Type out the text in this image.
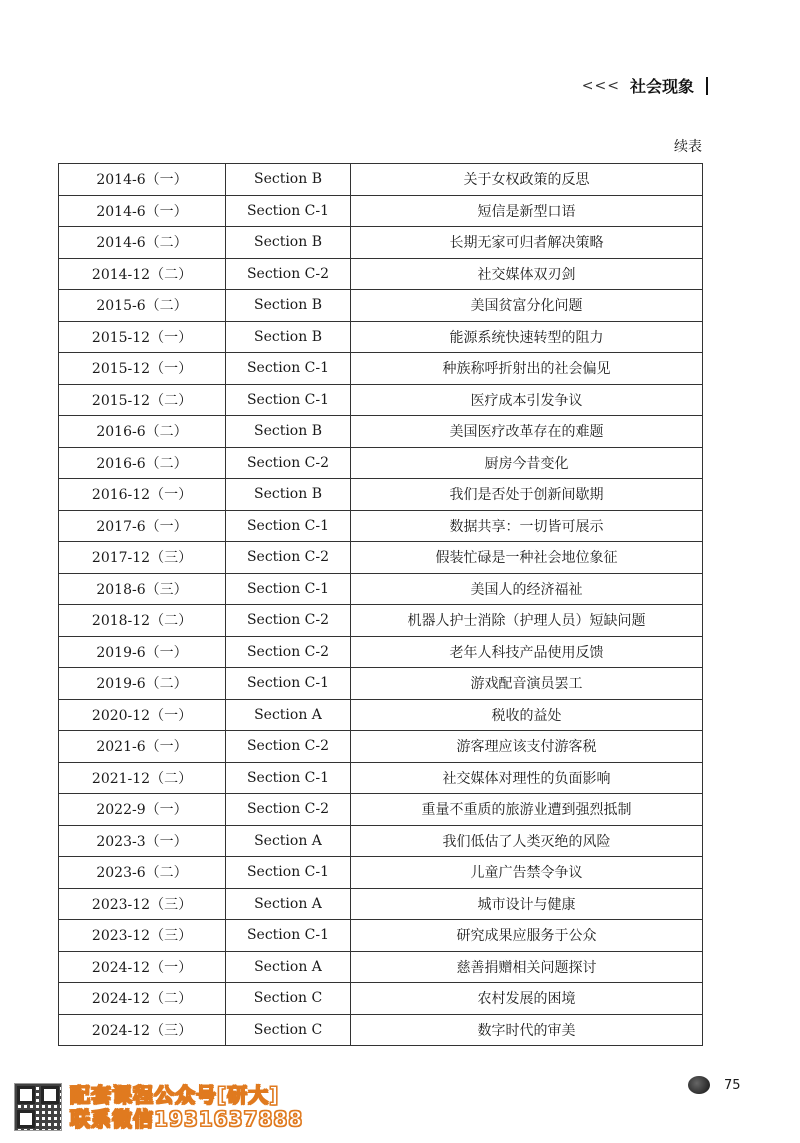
<<< 社会现象
续表
2014-6（一）	Section B	关于女权政策的反思
2014-6（一）	Section C-1	短信是新型口语
2014-6（二）	Section B	长期无家可归者解决策略
2014-12（二）	Section C-2	社交媒体双刃剑
2015-6（二）	Section B	美国贫富分化问题
2015-12（一）	Section B	能源系统快速转型的阻力
2015-12（一）	Section C-1	种族称呼折射出的社会偏见
2015-12（二）	Section C-1	医疗成本引发争议
2016-6（二）	Section B	美国医疗改革存在的难题
2016-6（二）	Section C-2	厨房今昔变化
2016-12（一）	Section B	我们是否处于创新间歇期
2017-6（一）	Section C-1	数据共享：一切皆可展示
2017-12（三）	Section C-2	假装忙碌是一种社会地位象征
2018-6（三）	Section C-1	美国人的经济福祉
2018-12（二）	Section C-2	机器人护士消除（护理人员）短缺问题
2019-6（一）	Section C-2	老年人科技产品使用反馈
2019-6（二）	Section C-1	游戏配音演员罢工
2020-12（一）	Section A	税收的益处
2021-6（一）	Section C-2	游客理应该支付游客税
2021-12（二）	Section C-1	社交媒体对理性的负面影响
2022-9（一）	Section C-2	重量不重质的旅游业遭到强烈抵制
2023-3（一）	Section A	我们低估了人类灭绝的风险
2023-6（二）	Section C-1	儿童广告禁令争议
2023-12（三）	Section A	城市设计与健康
2023-12（三）	Section C-1	研究成果应服务于公众
2024-12（一）	Section A	慈善捐赠相关问题探讨
2024-12（二）	Section C	农村发展的困境
2024-12（三）	Section C	数字时代的审美
配套课程公众号[研大]
联系微信1931637888
75
